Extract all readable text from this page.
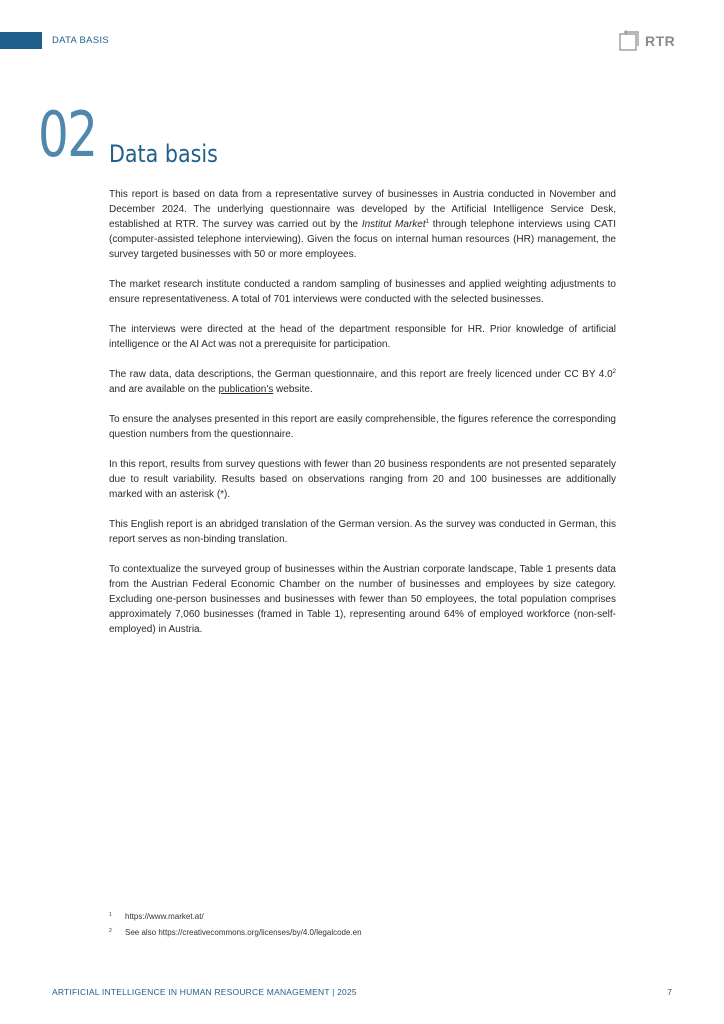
DATA BASIS	RTR
02 Data basis

This report is based on data from a representative survey of businesses in Austria conducted in November and December 2024. The underlying questionnaire was developed by the Artificial Intelligence Service Desk, established at RTR. The survey was carried out by the Institut Market$^1$ through telephone interviews using CATI (computer-assisted telephone interviewing). Given the focus on internal human resources (HR) management, the survey targeted businesses with 50 or more employees.

The market research institute conducted a random sampling of businesses and applied weighting adjustments to ensure representativeness. A total of 701 interviews were conducted with the selected businesses.

The interviews were directed at the head of the department responsible for HR. Prior knowledge of artificial intelligence or the AI Act was not a prerequisite for participation.

The raw data, data descriptions, the German questionnaire, and this report are freely licenced under CC BY $4.0^2$ and are available on the publication's website.

To ensure the analyses presented in this report are easily comprehensible, the figures reference the corresponding question numbers from the questionnaire.

In this report, results from survey questions with fewer than 20 business respondents are not presented separately due to result variability. Results based on observations ranging from 20 and 100 businesses are additionally marked with an asterisk (*).

This English report is an abridged translation of the German version. As the survey was conducted in German, this report serves as non-binding translation.

To contextualize the surveyed group of businesses within the Austrian corporate landscape, Table 1 presents data from the Austrian Federal Economic Chamber on the number of businesses and employees by size category. Excluding one-person businesses and businesses with fewer than 50 employees, the total population comprises approximately 7,060 businesses (framed in Table 1), representing around 64% of employed workforce (non-self-employed) in Austria.

1	https://www.market.at/
2	See also https://creativecommons.org/licenses/by/4.0/legalcode.en
ARTIFICIAL INTELLIGENCE IN HUMAN RESOURCE MANAGEMENT | 2025	7
